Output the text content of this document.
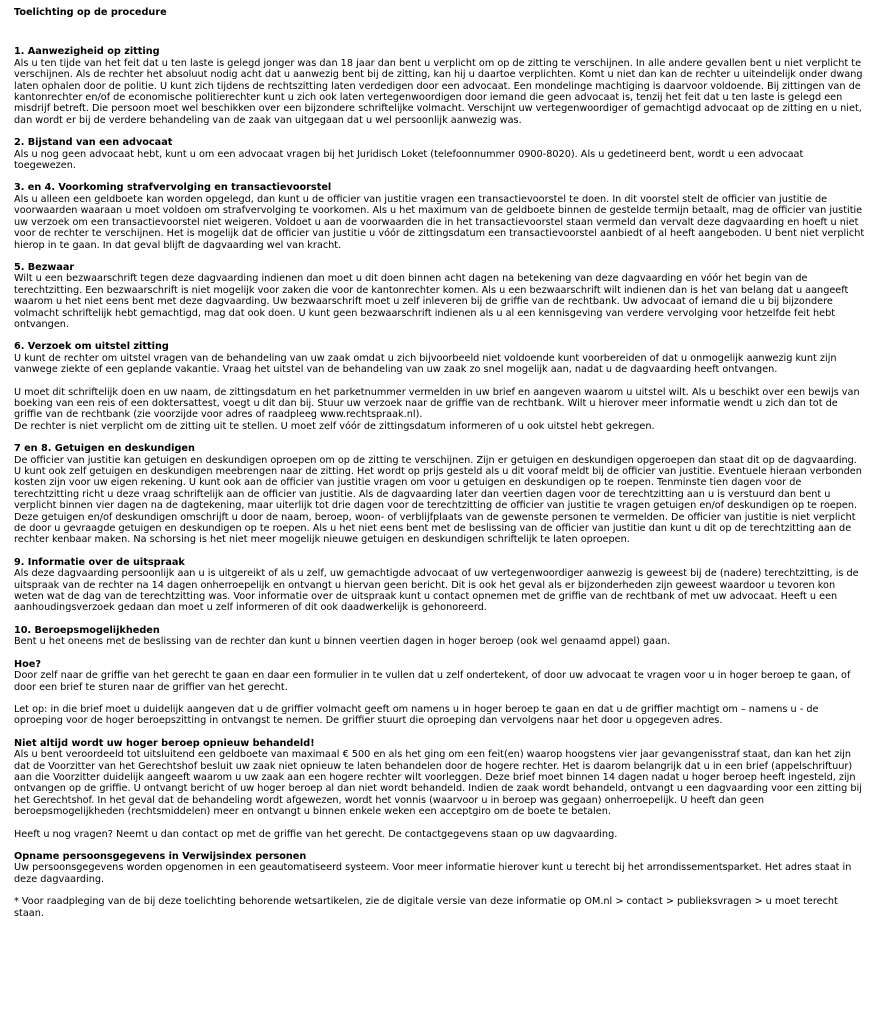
Toelichting op de procedure
1. Aanwezigheid op zitting

Als u ten tijde van het feit dat u ten laste is gelegd jonger was dan 18 jaar dan bent u verplicht om op de zitting te verschijnen. In alle andere gevallen bent u niet verplicht te verschijnen. Als de rechter het absoluut nodig acht dat u aanwezig bent bij de zitting, kan hij u daartoe verplichten. Komt u niet dan kan de rechter u uiteindelijk onder dwang laten ophalen door de politie. U kunt zich tijdens de rechtszitting laten verdedigen door een advocaat. Een mondelinge machtiging is daarvoor voldoende. Bij zittingen van de kantonrechter en/of de economische politierechter kunt u zich ook laten vertegenwoordigen door iemand die geen advocaat is, tenzij het feit dat u ten laste is gelegd een misdrijf betreft. Die persoon moet wel beschikken over een bijzondere schriftelijke volmacht. Verschijnt uw vertegenwoordiger of gemachtigd advocaat op de zitting en u niet, dan wordt er bij de verdere behandeling van de zaak van uitgegaan dat u wel persoonlijk aanwezig was.

2. Bijstand van een advocaat

Als u nog geen advocaat hebt, kunt u om een advocaat vragen bij het Juridisch Loket (telefoonnummer 0900-8020). Als u gedetineerd bent, wordt u een advocaat toegewezen.

3. en 4. Voorkoming strafvervolging en transactievoorstel

Als u alleen een geldboete kan worden opgelegd, dan kunt u de officier van justitie vragen een transactievoorstel te doen. In dit voorstel stelt de officier van justitie de voorwaarden waaraan u moet voldoen om strafvervolging te voorkomen. Als u het maximum van de geldboete binnen de gestelde termijn betaalt, mag de officier van justitie uw verzoek om een transactievoorstel niet weigeren. Voldoet u aan de voorwaarden die in het transactievoorstel staan vermeld dan vervalt deze dagvaarding en hoeft u niet voor de rechter te verschijnen. Het is mogelijk dat de officier van justitie u vóór de zittingsdatum een transactievoorstel aanbiedt of al heeft aangeboden. U bent niet verplicht hierop in te gaan. In dat geval blijft de dagvaarding wel van kracht.

5. Bezwaar

Wilt u een bezwaarschrift tegen deze dagvaarding indienen dan moet u dit doen binnen acht dagen na betekening van deze dagvaarding en vóór het begin van de terechtzitting. Een bezwaarschrift is niet mogelijk voor zaken die voor de kantonrechter komen. Als u een bezwaarschrift wilt indienen dan is het van belang dat u aangeeft waarom u het niet eens bent met deze dagvaarding. Uw bezwaarschrift moet u zelf inleveren bij de griffie van de rechtbank. Uw advocaat of iemand die u bij bijzondere volmacht schriftelijk hebt gemachtigd, mag dat ook doen. U kunt geen bezwaarschrift indienen als u al een kennisgeving van verdere vervolging voor hetzelfde feit hebt ontvangen.

6. Verzoek om uitstel zitting

U kunt de rechter om uitstel vragen van de behandeling van uw zaak omdat u zich bijvoorbeeld niet voldoende kunt voorbereiden of dat u onmogelijk aanwezig kunt zijn vanwege ziekte of een geplande vakantie. Vraag het uitstel van de behandeling van uw zaak zo snel mogelijk aan, nadat u de dagvaarding heeft ontvangen.

U moet dit schriftelijk doen en uw naam, de zittingsdatum en het parketnummer vermelden in uw brief en aangeven waarom u uitstel wilt. Als u beschikt over een bewijs van boeking van een reis of een doktersattest, voegt u dit dan bij. Stuur uw verzoek naar de griffie van de rechtbank. Wilt u hierover meer informatie wendt u zich dan tot de griffie van de rechtbank (zie voorzijde voor adres of raadpleeg www.rechtspraak.nl).

De rechter is niet verplicht om de zitting uit te stellen. U moet zelf vóór de zittingsdatum informeren of u ook uitstel hebt gekregen.

7 en 8. Getuigen en deskundigen

De officier van justitie kan getuigen en deskundigen oproepen om op de zitting te verschijnen. Zijn er getuigen en deskundigen opgeroepen dan staat dit op de dagvaarding. U kunt ook zelf getuigen en deskundigen meebrengen naar de zitting. Het wordt op prijs gesteld als u dit vooraf meldt bij de officier van justitie. Eventuele hieraan verbonden kosten zijn voor uw eigen rekening. U kunt ook aan de officier van justitie vragen om voor u getuigen en deskundigen op te roepen. Tenminste tien dagen voor de terechtzitting richt u deze vraag schriftelijk aan de officier van justitie. Als de dagvaarding later dan veertien dagen voor de terechtzitting aan u is verstuurd dan bent u verplicht binnen vier dagen na de dagtekening, maar uiterlijk tot drie dagen voor de terechtzitting de officier van justitie te vragen getuigen en/of deskundigen op te roepen. Deze getuigen en/of deskundigen omschrijft u door de naam, beroep, woon- of verblijfplaats van de gewenste personen te vermelden. De officier van justitie is niet verplicht de door u gevraagde getuigen en deskundigen op te roepen. Als u het niet eens bent met de beslissing van de officier van justitie dan kunt u dit op de terechtzitting aan de rechter kenbaar maken. Na schorsing is het niet meer mogelijk nieuwe getuigen en deskundigen schriftelijk te laten oproepen.

9. Informatie over de uitspraak

Als deze dagvaarding persoonlijk aan u is uitgereikt of als u zelf, uw gemachtigde advocaat of uw vertegenwoordiger aanwezig is geweest bij de (nadere) terechtzitting, is de uitspraak van de rechter na 14 dagen onherroepelijk en ontvangt u hiervan geen bericht. Dit is ook het geval als er bijzonderheden zijn geweest waardoor u tevoren kon weten wat de dag van de terechtzitting was. Voor informatie over de uitspraak kunt u contact opnemen met de griffie van de rechtbank of met uw advocaat. Heeft u een aanhoudingsverzoek gedaan dan moet u zelf informeren of dit ook daadwerkelijk is gehonoreerd.

10. Beroepsmogelijkheden

Bent u het oneens met de beslissing van de rechter dan kunt u binnen veertien dagen in hoger beroep (ook wel genaamd appel) gaan.

Hoe?

Door zelf naar de griffie van het gerecht te gaan en daar een formulier in te vullen dat u zelf ondertekent, of door uw advocaat te vragen voor u in hoger beroep te gaan, of door een brief te sturen naar de griffier van het gerecht.

Let op: in die brief moet u duidelijk aangeven dat u de griffier volmacht geeft om namens u in hoger beroep te gaan en dat u de griffier machtigt om – namens u - de oproeping voor de hoger beroepszitting in ontvangst te nemen. De griffier stuurt die oproeping dan vervolgens naar het door u opgegeven adres.

Niet altijd wordt uw hoger beroep opnieuw behandeld!

Als u bent veroordeeld tot uitsluitend een geldboete van maximaal € 500 en als het ging om een feit(en) waarop hoogstens vier jaar gevangenisstraf staat, dan kan het zijn dat de Voorzitter van het Gerechtshof besluit uw zaak niet opnieuw te laten behandelen door de hogere rechter. Het is daarom belangrijk dat u in een brief (appelschriftuur) aan die Voorzitter duidelijk aangeeft waarom u uw zaak aan een hogere rechter wilt voorleggen. Deze brief moet binnen 14 dagen nadat u hoger beroep heeft ingesteld, zijn ontvangen op de griffie. U ontvangt bericht of uw hoger beroep al dan niet wordt behandeld. Indien de zaak wordt behandeld, ontvangt u een dagvaarding voor een zitting bij het Gerechtshof. In het geval dat de behandeling wordt afgewezen, wordt het vonnis (waarvoor u in beroep was gegaan) onherroepelijk. U heeft dan geen beroepsmogelijkheden (rechtsmiddelen) meer en ontvangt u binnen enkele weken een acceptgiro om de boete te betalen.

Heeft u nog vragen? Neemt u dan contact op met de griffie van het gerecht. De contactgegevens staan op uw dagvaarding.

Opname persoonsgegevens in Verwijsindex personen

Uw persoonsgegevens worden opgenomen in een geautomatiseerd systeem. Voor meer informatie hierover kunt u terecht bij het arrondissementsparket. Het adres staat in deze dagvaarding.

* Voor raadpleging van de bij deze toelichting behorende wetsartikelen, zie de digitale versie van deze informatie op OM.nl > contact > publieksvragen > u moet terecht staan.
